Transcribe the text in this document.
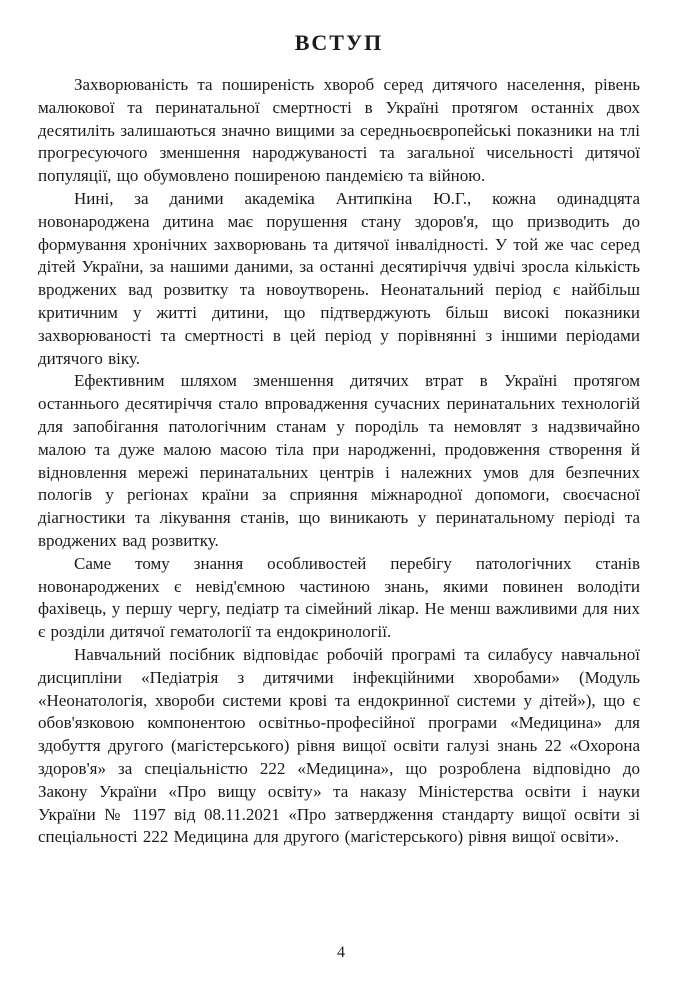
ВСТУП

Захворюваність та поширеність хвороб серед дитячого населення, рівень малюкової та перинатальної смертності в Україні протягом останніх двох десятиліть залишаються значно вищими за середньоєвропейські показники на тлі прогресуючого зменшення народжуваності та загальної чисельності дитячої популяції, що обумовлено поширеною пандемією та війною.

Нині, за даними академіка Антипкіна Ю.Г., кожна одинадцята новонароджена дитина має порушення стану здоров'я, що призводить до формування хронічних захворювань та дитячої інвалідності. У той же час серед дітей України, за нашими даними, за останні десятиріччя удвічі зросла кількість вроджених вад розвитку та новоутворень. Неонатальний період є найбільш критичним у житті дитини, що підтверджують більш високі показники захворюваності та смертності в цей період у порівнянні з іншими періодами дитячого віку.

Ефективним шляхом зменшення дитячих втрат в Україні протягом останнього десятиріччя стало впровадження сучасних перинатальних технологій для запобігання патологічним станам у породіль та немовлят з надзвичайно малою та дуже малою масою тіла при народженні, продовження створення й відновлення мережі перинатальних центрів і належних умов для безпечних пологів у регіонах країни за сприяння міжнародної допомоги, своєчасної діагностики та лікування станів, що виникають у перинатальному періоді та вроджених вад розвитку.

Саме тому знання особливостей перебігу патологічних станів новонароджених є невід'ємною частиною знань, якими повинен володіти фахівець, у першу чергу, педіатр та сімейний лікар. Не менш важливими для них є розділи дитячої гематології та ендокринології.

Навчальний посібник відповідає робочій програмі та силабусу навчальної дисципліни «Педіатрія з дитячими інфекційними хворобами» (Модуль «Неонатологія, хвороби системи крові та ендокринної системи у дітей»), що є обов'язковою компонентою освітньо-професійної програми «Медицина» для здобуття другого (магістерського) рівня вищої освіти галузі знань 22 «Охорона здоров'я» за спеціальністю 222 «Медицина», що розроблена відповідно до Закону України «Про вищу освіту» та наказу Міністерства освіти і науки України № 1197 від 08.11.2021 «Про затвердження стандарту вищої освіти зі спеціальності 222 Медицина для другого (магістерського) рівня вищої освіти».

4
